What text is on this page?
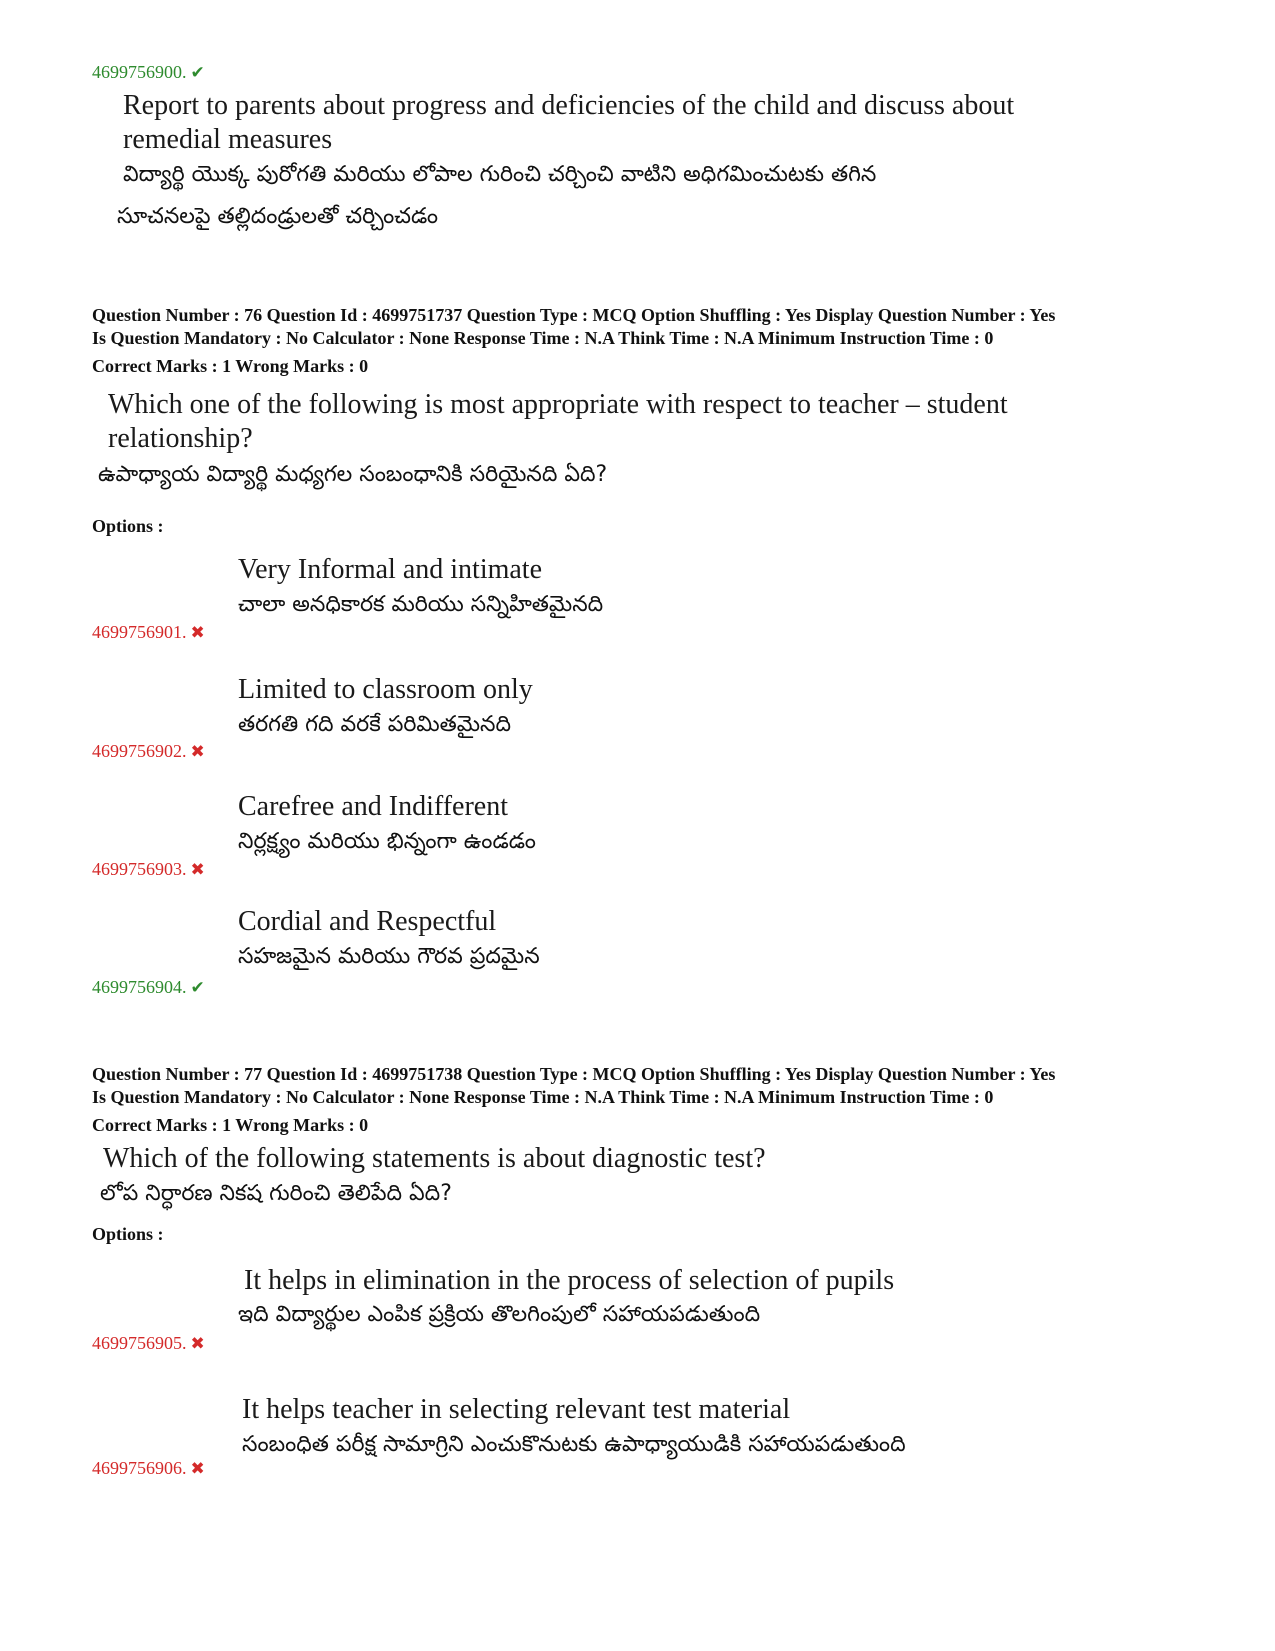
4699756900. ✔
Report to parents about progress and deficiencies of the child and discuss about
remedial measures
విద్యార్థి యొక్క పురోగతి మరియు లోపాల గురించి చర్చించి వాటిని అధిగమించుటకు తగిన
సూచనలపై తల్లిదండ్రులతో చర్చించడం
Question Number : 76 Question Id : 4699751737 Question Type : MCQ Option Shuffling : Yes Display Question Number : Yes
Is Question Mandatory : No Calculator : None Response Time : N.A Think Time : N.A Minimum Instruction Time : 0
Correct Marks : 1 Wrong Marks : 0
Which one of the following is most appropriate with respect to teacher – student
relationship?
ఉపాధ్యాయ విద్యార్థి మధ్యగల సంబంధానికి సరియైనది ఏది?
Options :
Very Informal and intimate
చాలా అనధికారక మరియు సన్నిహితమైనది
4699756901. ✖
Limited to classroom only
తరగతి గది వరకే పరిమితమైనది
4699756902. ✖
Carefree and Indifferent
నిర్లక్ష్యం మరియు భిన్నంగా ఉండడం
4699756903. ✖
Cordial and Respectful
సహజమైన మరియు గౌరవ ప్రదమైన
4699756904. ✔
Question Number : 77 Question Id : 4699751738 Question Type : MCQ Option Shuffling : Yes Display Question Number : Yes
Is Question Mandatory : No Calculator : None Response Time : N.A Think Time : N.A Minimum Instruction Time : 0
Correct Marks : 1 Wrong Marks : 0
Which of the following statements is about diagnostic test?
లోప నిర్ధారణ నికష గురించి తెలిపేది ఏది?
Options :
It helps in elimination in the process of selection of pupils
ఇది విద్యార్థుల ఎంపిక ప్రక్రియ తొలగింపులో సహాయపడుతుంది
4699756905. ✖
It helps teacher in selecting relevant test material
సంబంధిత పరీక్ష సామాగ్రిని ఎంచుకొనుటకు ఉపాధ్యాయుడికి సహాయపడుతుంది
4699756906. ✖
